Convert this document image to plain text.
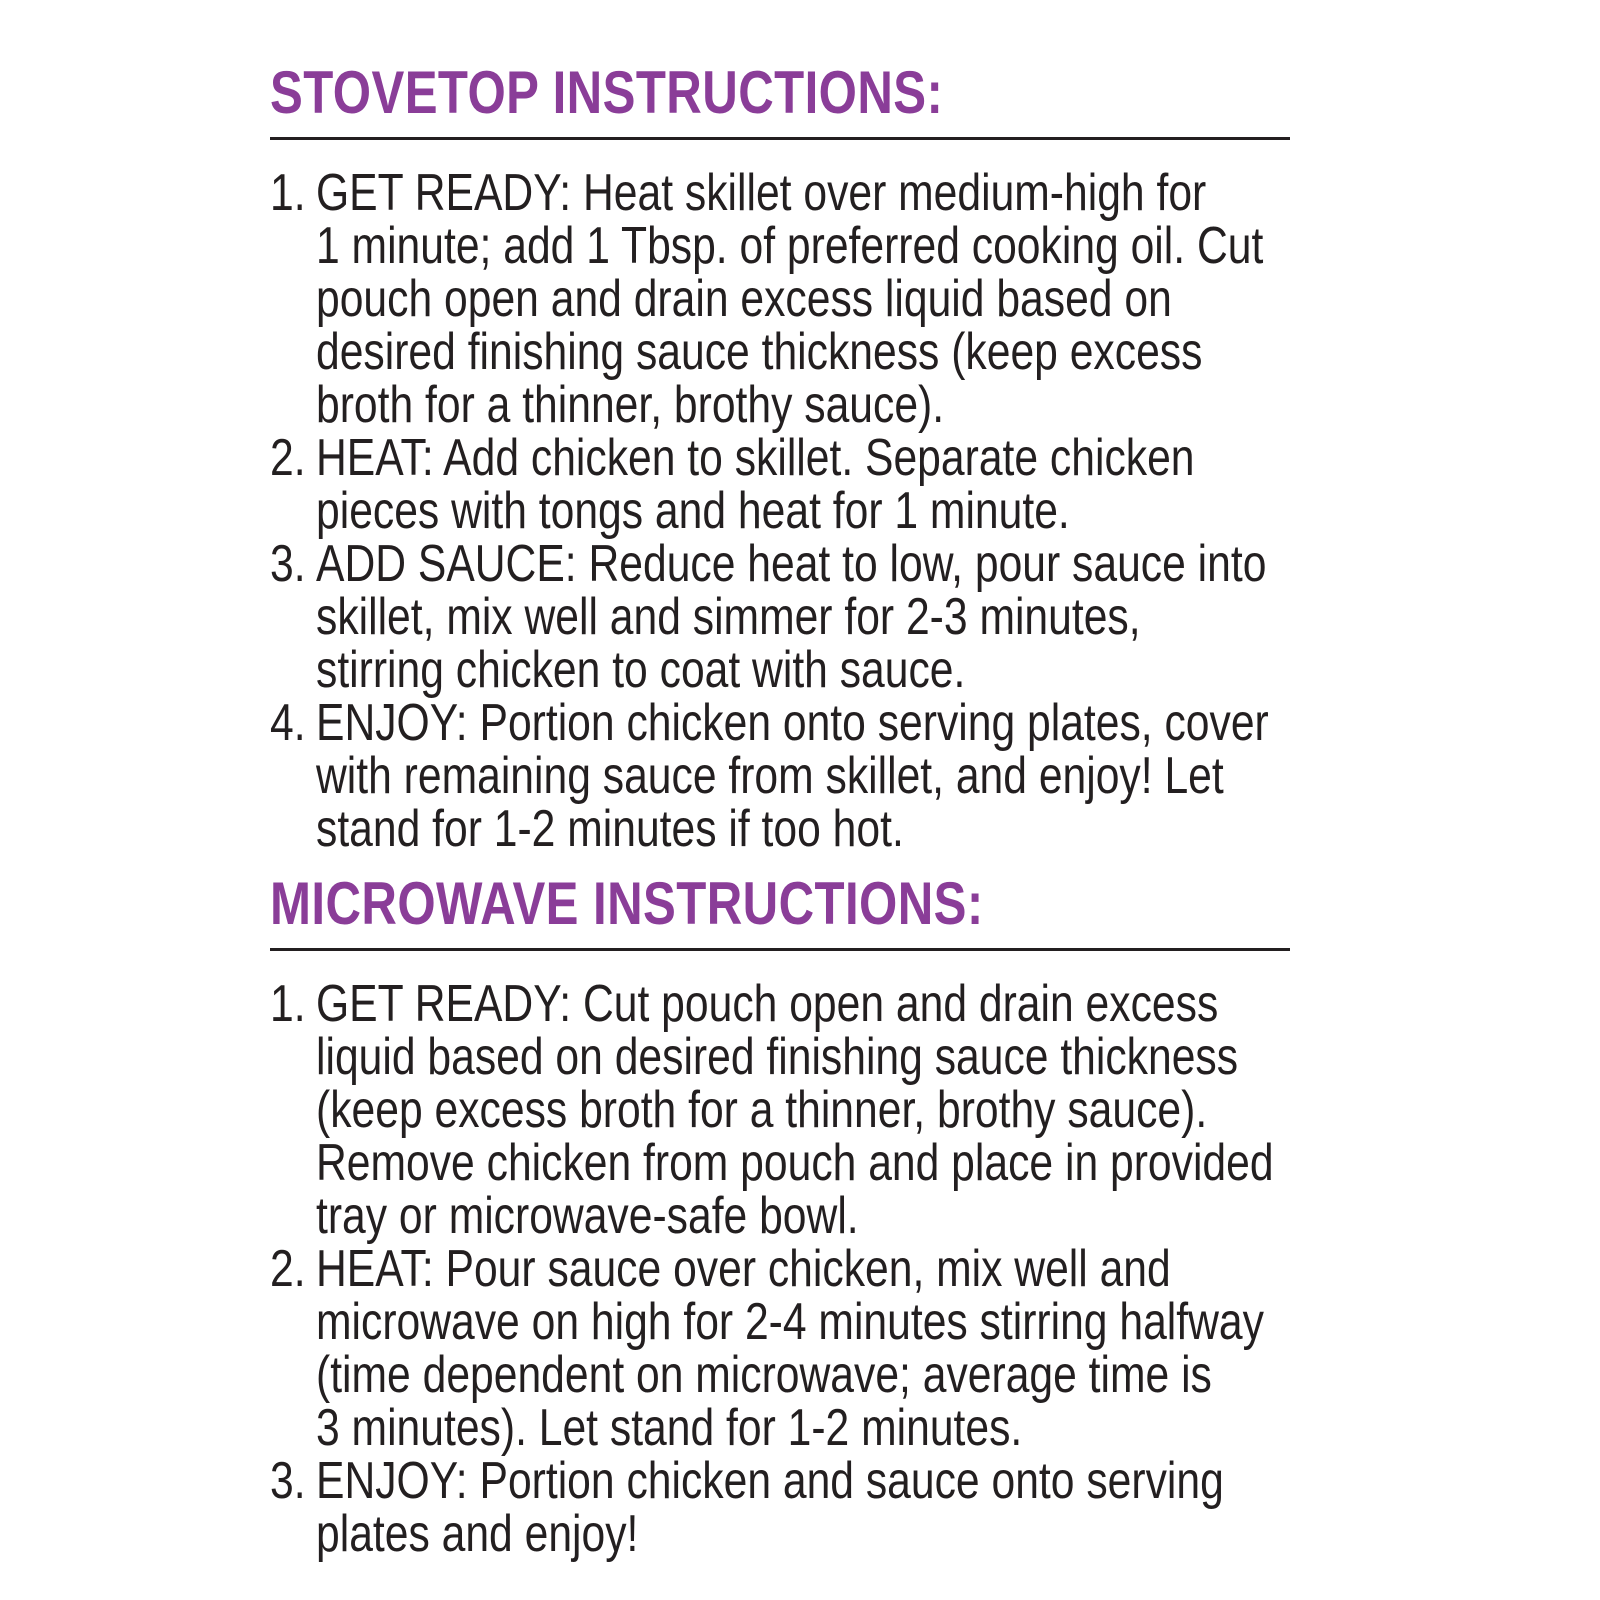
STOVETOP INSTRUCTIONS:
1. GET READY: Heat skillet over medium-high for
1 minute; add 1 Tbsp. of preferred cooking oil. Cut
pouch open and drain excess liquid based on
desired finishing sauce thickness (keep excess
broth for a thinner, brothy sauce).
2. HEAT: Add chicken to skillet. Separate chicken
pieces with tongs and heat for 1 minute.
3. ADD SAUCE: Reduce heat to low, pour sauce into
skillet, mix well and simmer for 2-3 minutes,
stirring chicken to coat with sauce.
4. ENJOY: Portion chicken onto serving plates, cover
with remaining sauce from skillet, and enjoy! Let
stand for 1-2 minutes if too hot.
MICROWAVE INSTRUCTIONS:
1. GET READY: Cut pouch open and drain excess
liquid based on desired finishing sauce thickness
(keep excess broth for a thinner, brothy sauce).
Remove chicken from pouch and place in provided
tray or microwave-safe bowl.
2. HEAT: Pour sauce over chicken, mix well and
microwave on high for 2-4 minutes stirring halfway
(time dependent on microwave; average time is
3 minutes). Let stand for 1-2 minutes.
3. ENJOY: Portion chicken and sauce onto serving
plates and enjoy!
